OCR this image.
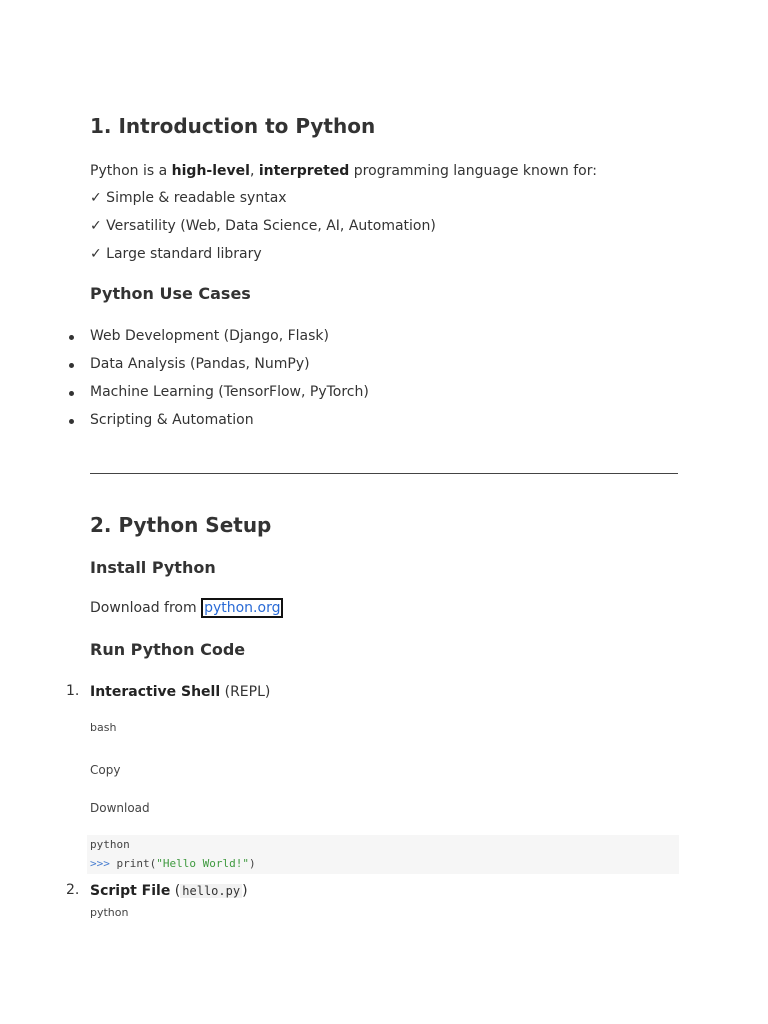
1. Introduction to Python
Python is a high-level, interpreted programming language known for:
✓ Simple & readable syntax
✓ Versatility (Web, Data Science, AI, Automation)
✓ Large standard library
Python Use Cases
Web Development (Django, Flask)
Data Analysis (Pandas, NumPy)
Machine Learning (TensorFlow, PyTorch)
Scripting & Automation
2. Python Setup
Install Python
Download from python.org
Run Python Code
1. Interactive Shell (REPL)
bash
Copy
Download
python
>>> print("Hello World!")
2. Script File ( hello.py )
python
